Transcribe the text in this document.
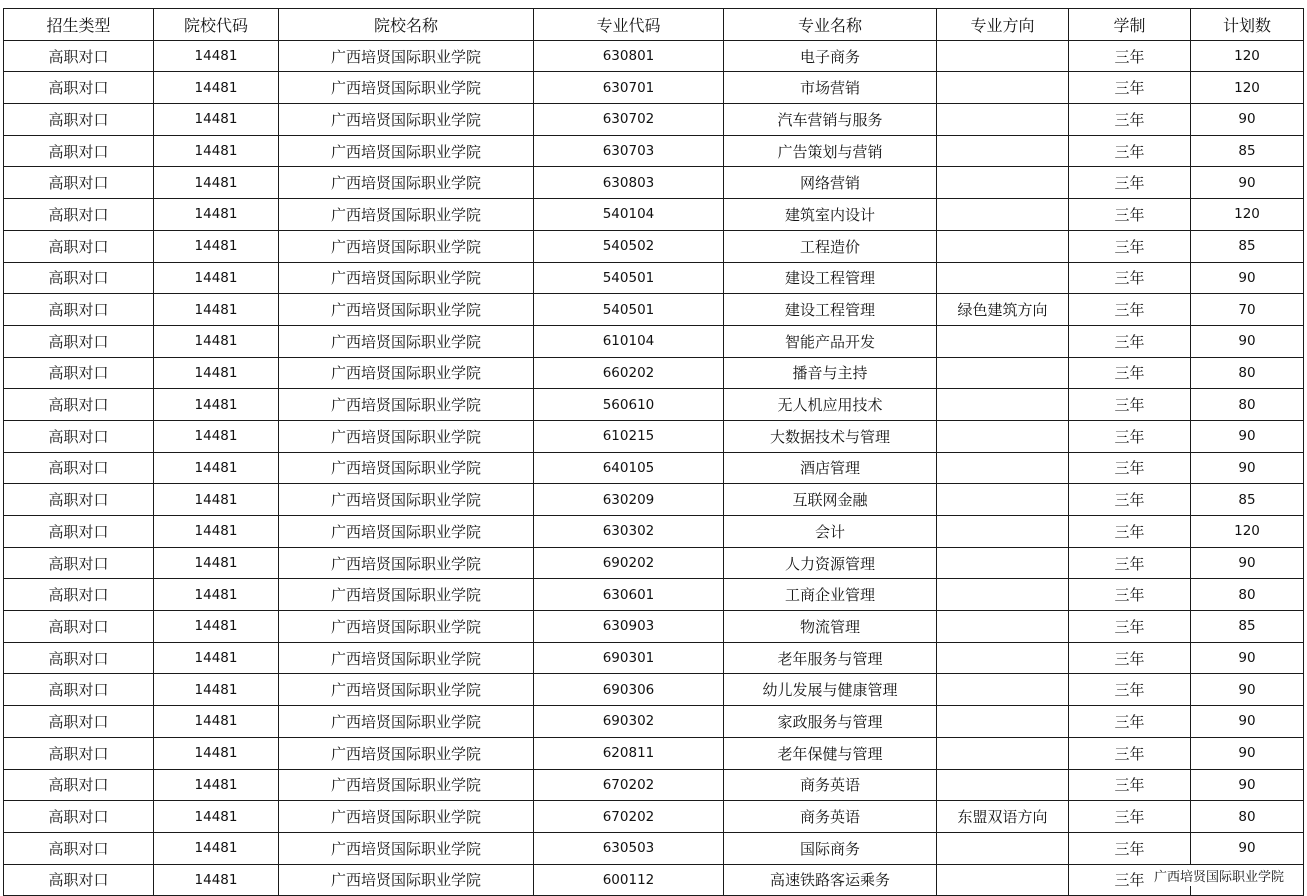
招生类型	院校代码	院校名称	专业代码	专业名称	专业方向	学制	计划数
高职对口	14481	广西培贤国际职业学院	630801	电子商务		三年	120
高职对口	14481	广西培贤国际职业学院	630701	市场营销		三年	120
高职对口	14481	广西培贤国际职业学院	630702	汽车营销与服务		三年	90
高职对口	14481	广西培贤国际职业学院	630703	广告策划与营销		三年	85
高职对口	14481	广西培贤国际职业学院	630803	网络营销		三年	90
高职对口	14481	广西培贤国际职业学院	540104	建筑室内设计		三年	120
高职对口	14481	广西培贤国际职业学院	540502	工程造价		三年	85
高职对口	14481	广西培贤国际职业学院	540501	建设工程管理		三年	90
高职对口	14481	广西培贤国际职业学院	540501	建设工程管理	绿色建筑方向	三年	70
高职对口	14481	广西培贤国际职业学院	610104	智能产品开发		三年	90
高职对口	14481	广西培贤国际职业学院	660202	播音与主持		三年	80
高职对口	14481	广西培贤国际职业学院	560610	无人机应用技术		三年	80
高职对口	14481	广西培贤国际职业学院	610215	大数据技术与管理		三年	90
高职对口	14481	广西培贤国际职业学院	640105	酒店管理		三年	90
高职对口	14481	广西培贤国际职业学院	630209	互联网金融		三年	85
高职对口	14481	广西培贤国际职业学院	630302	会计		三年	120
高职对口	14481	广西培贤国际职业学院	690202	人力资源管理		三年	90
高职对口	14481	广西培贤国际职业学院	630601	工商企业管理		三年	80
高职对口	14481	广西培贤国际职业学院	630903	物流管理		三年	85
高职对口	14481	广西培贤国际职业学院	690301	老年服务与管理		三年	90
高职对口	14481	广西培贤国际职业学院	690306	幼儿发展与健康管理		三年	90
高职对口	14481	广西培贤国际职业学院	690302	家政服务与管理		三年	90
高职对口	14481	广西培贤国际职业学院	620811	老年保健与管理		三年	90
高职对口	14481	广西培贤国际职业学院	670202	商务英语		三年	90
高职对口	14481	广西培贤国际职业学院	670202	商务英语	东盟双语方向	三年	80
高职对口	14481	广西培贤国际职业学院	630503	国际商务		三年	90
高职对口	14481	广西培贤国际职业学院	600112	高速铁路客运乘务		三年	广西培贤国际职业学院
